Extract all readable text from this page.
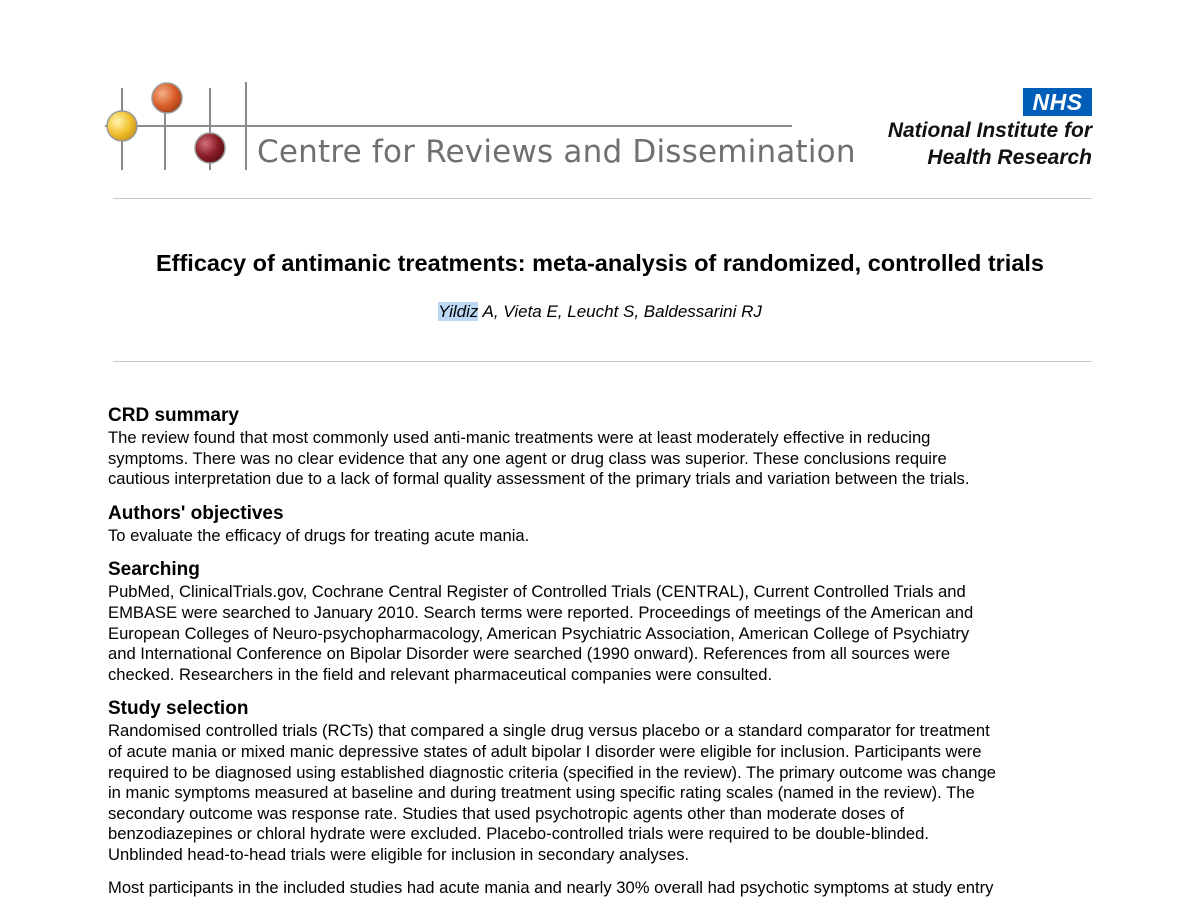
Centre for Reviews and Dissemination
NHS
National Institute for
Health Research
Efficacy of antimanic treatments: meta-analysis of randomized, controlled trials
Yildiz A, Vieta E, Leucht S, Baldessarini RJ
CRD summary

The review found that most commonly used anti-manic treatments were at least moderately effective in reducing
symptoms. There was no clear evidence that any one agent or drug class was superior. These conclusions require
cautious interpretation due to a lack of formal quality assessment of the primary trials and variation between the trials.

Authors' objectives

To evaluate the efficacy of drugs for treating acute mania.

Searching

PubMed, ClinicalTrials.gov, Cochrane Central Register of Controlled Trials (CENTRAL), Current Controlled Trials and
EMBASE were searched to January 2010. Search terms were reported. Proceedings of meetings of the American and
European Colleges of Neuro-psychopharmacology, American Psychiatric Association, American College of Psychiatry
and International Conference on Bipolar Disorder were searched (1990 onward). References from all sources were
checked. Researchers in the field and relevant pharmaceutical companies were consulted.

Study selection

Randomised controlled trials (RCTs) that compared a single drug versus placebo or a standard comparator for treatment
of acute mania or mixed manic depressive states of adult bipolar I disorder were eligible for inclusion. Participants were
required to be diagnosed using established diagnostic criteria (specified in the review). The primary outcome was change
in manic symptoms measured at baseline and during treatment using specific rating scales (named in the review). The
secondary outcome was response rate. Studies that used psychotropic agents other than moderate doses of
benzodiazepines or chloral hydrate were excluded. Placebo-controlled trials were required to be double-blinded.
Unblinded head-to-head trials were eligible for inclusion in secondary analyses.

Most participants in the included studies had acute mania and nearly 30% overall had psychotic symptoms at study entry
